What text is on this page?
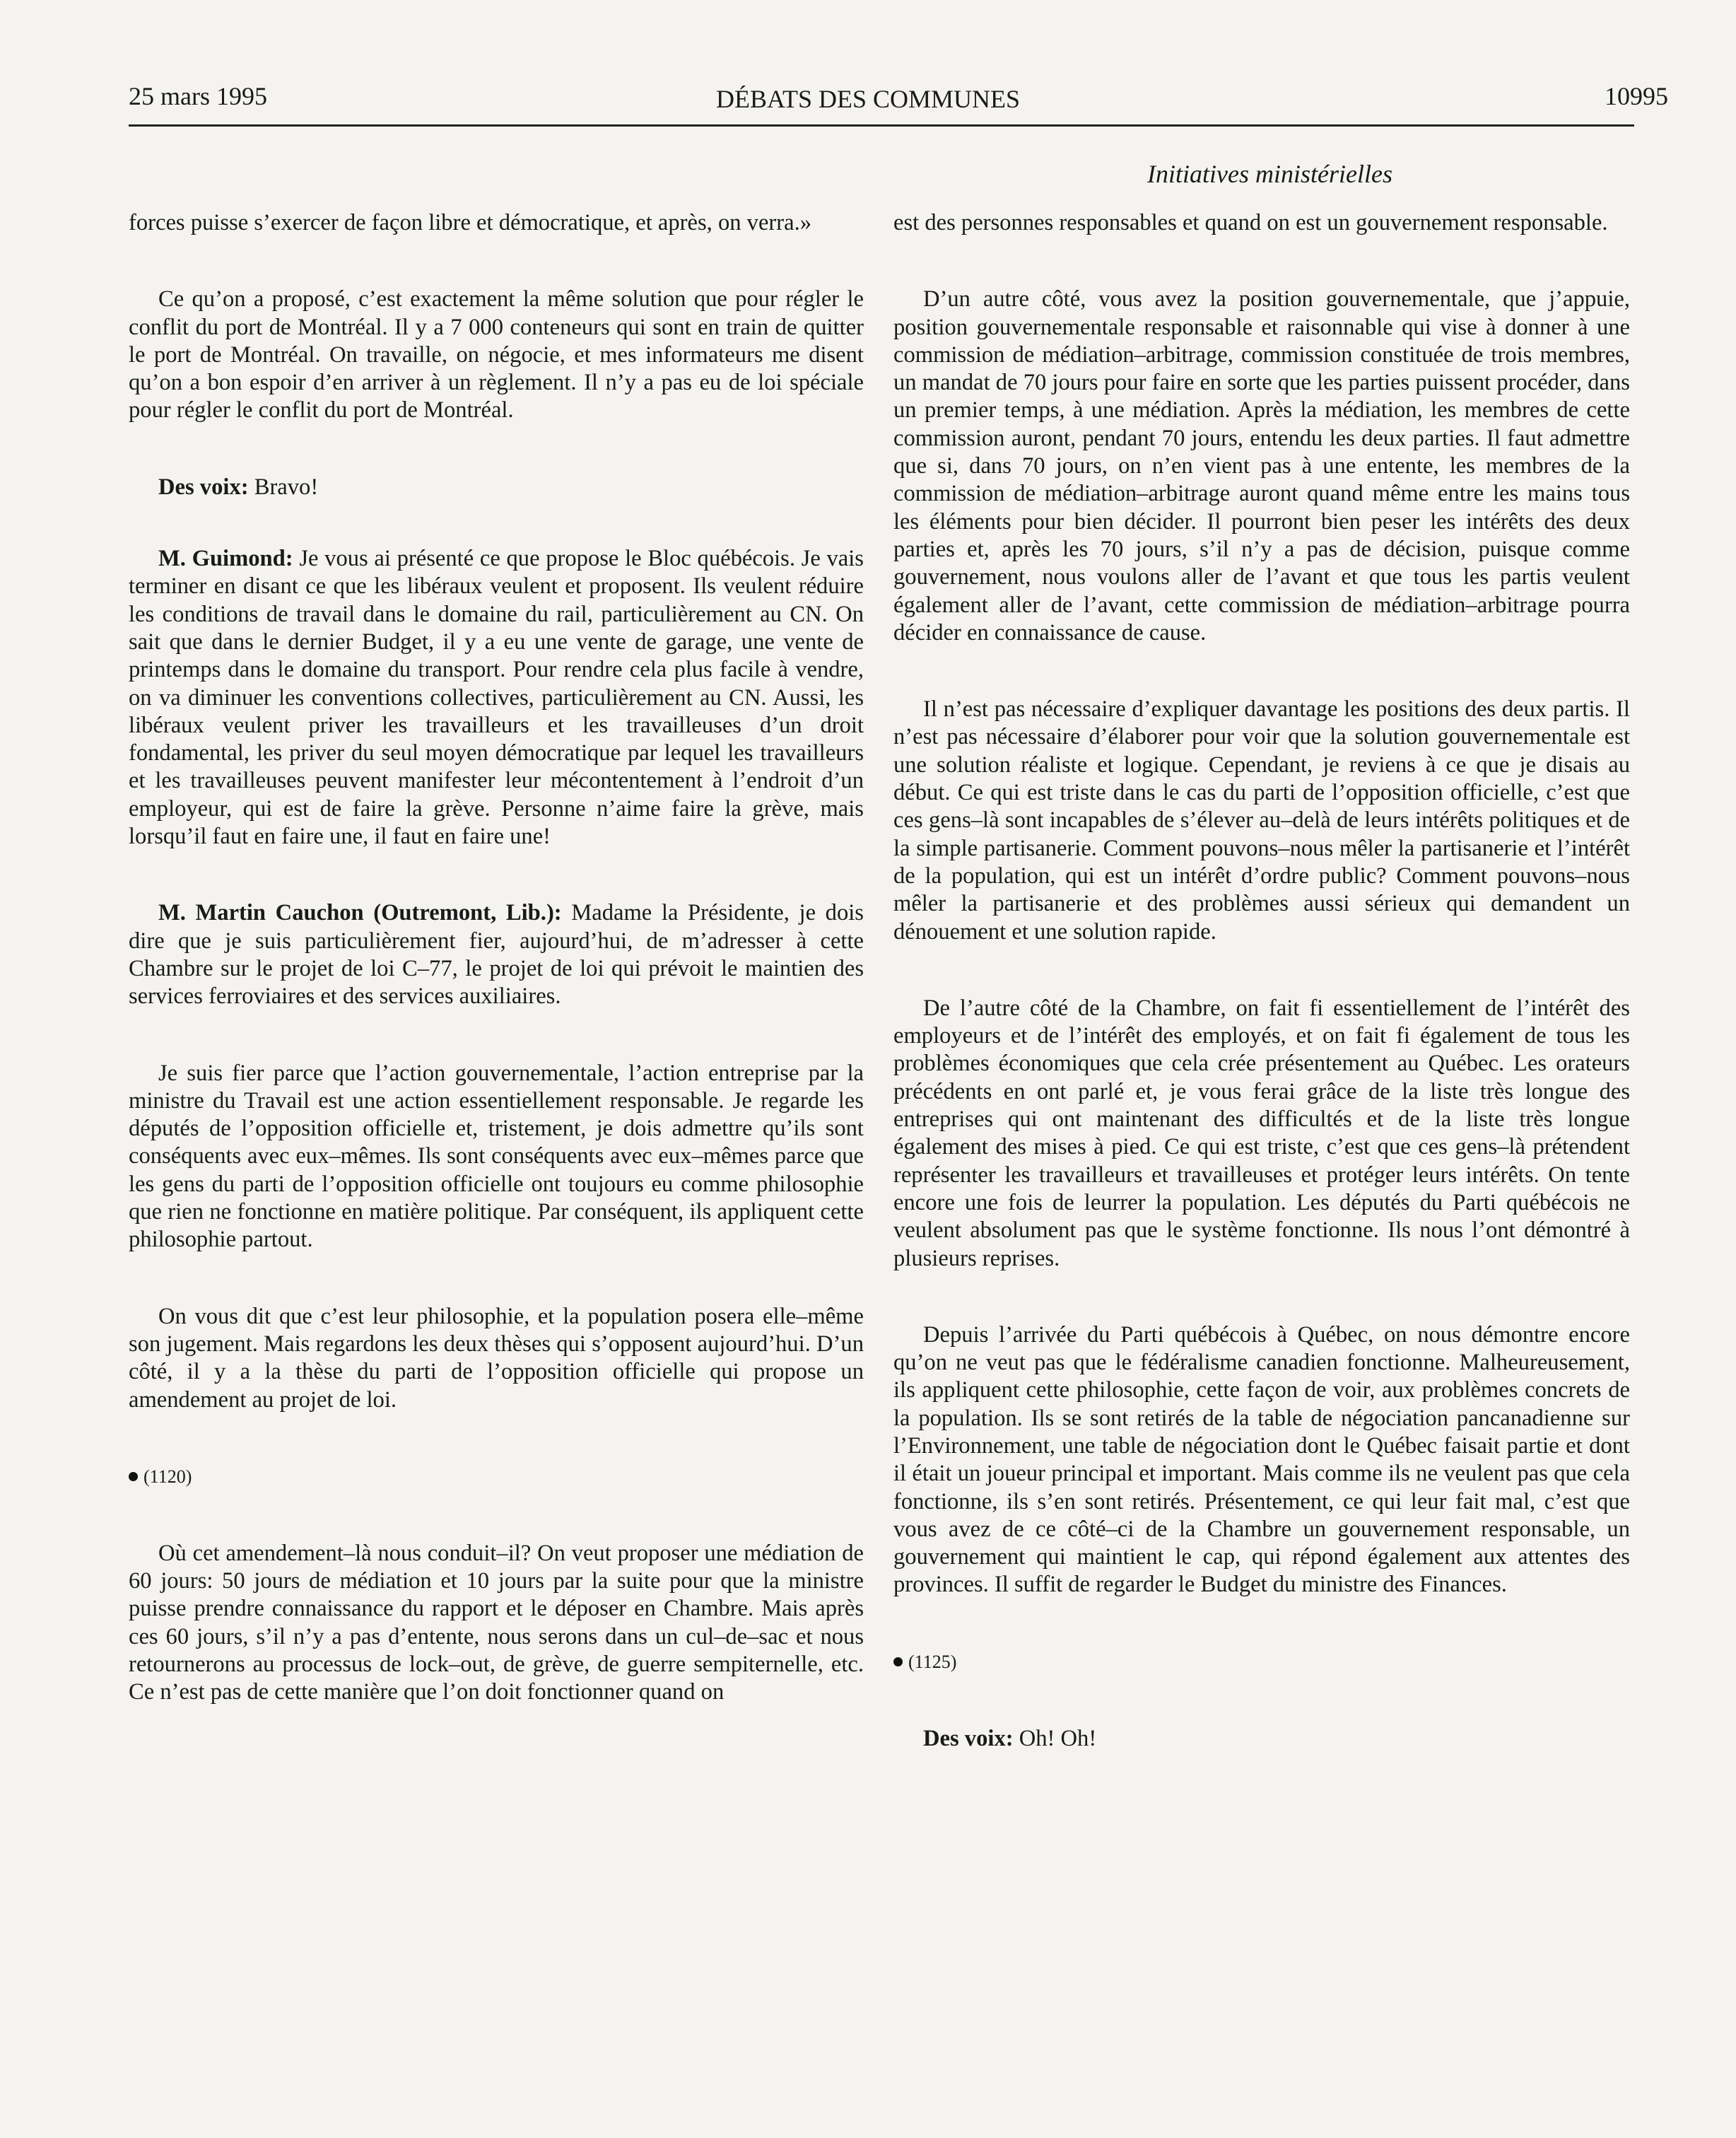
25 mars 1995	DÉBATS DES COMMUNES	10995
Initiatives ministérielles

forces puisse s’exercer de façon libre et démocratique, et après, on verra.»

Ce qu’on a proposé, c’est exactement la même solution que pour régler le conflit du port de Montréal. Il y a 7 000 conteneurs qui sont en train de quitter le port de Montréal. On travaille, on négocie, et mes informateurs me disent qu’on a bon espoir d’en arriver à un règlement. Il n’y a pas eu de loi spéciale pour régler le conflit du port de Montréal.

Des voix: Bravo!

M. Guimond: Je vous ai présenté ce que propose le Bloc québécois. Je vais terminer en disant ce que les libéraux veulent et proposent. Ils veulent réduire les conditions de travail dans le domaine du rail, particulièrement au CN. On sait que dans le dernier Budget, il y a eu une vente de garage, une vente de printemps dans le domaine du transport. Pour rendre cela plus facile à vendre, on va diminuer les conventions collectives, particulièrement au CN. Aussi, les libéraux veulent priver les travailleurs et les travailleuses d’un droit fondamental, les priver du seul moyen démocratique par lequel les travailleurs et les travailleuses peuvent manifester leur mécontentement à l’endroit d’un employeur, qui est de faire la grève. Personne n’aime faire la grève, mais lorsqu’il faut en faire une, il faut en faire une!

M. Martin Cauchon (Outremont, Lib.): Madame la Présidente, je dois dire que je suis particulièrement fier, aujourd’hui, de m’adresser à cette Chambre sur le projet de loi C–77, le projet de loi qui prévoit le maintien des services ferroviaires et des services auxiliaires.

Je suis fier parce que l’action gouvernementale, l’action entreprise par la ministre du Travail est une action essentiellement responsable. Je regarde les députés de l’opposition officielle et, tristement, je dois admettre qu’ils sont conséquents avec eux–mêmes. Ils sont conséquents avec eux–mêmes parce que les gens du parti de l’opposition officielle ont toujours eu comme philosophie que rien ne fonctionne en matière politique. Par conséquent, ils appliquent cette philosophie partout.

On vous dit que c’est leur philosophie, et la population posera elle–même son jugement. Mais regardons les deux thèses qui s’opposent aujourd’hui. D’un côté, il y a la thèse du parti de l’opposition officielle qui propose un amendement au projet de loi.

(1120)

Où cet amendement–là nous conduit–il? On veut proposer une médiation de 60 jours: 50 jours de médiation et 10 jours par la suite pour que la ministre puisse prendre connaissance du rapport et le déposer en Chambre. Mais après ces 60 jours, s’il n’y a pas d’entente, nous serons dans un cul–de–sac et nous retournerons au processus de lock–out, de grève, de guerre sempiternelle, etc. Ce n’est pas de cette manière que l’on doit fonctionner quand on

est des personnes responsables et quand on est un gouvernement responsable.

D’un autre côté, vous avez la position gouvernementale, que j’appuie, position gouvernementale responsable et raisonnable qui vise à donner à une commission de médiation–arbitrage, commission constituée de trois membres, un mandat de 70 jours pour faire en sorte que les parties puissent procéder, dans un premier temps, à une médiation. Après la médiation, les membres de cette commission auront, pendant 70 jours, entendu les deux parties. Il faut admettre que si, dans 70 jours, on n’en vient pas à une entente, les membres de la commission de médiation–arbitrage auront quand même entre les mains tous les éléments pour bien décider. Il pourront bien peser les intérêts des deux parties et, après les 70 jours, s’il n’y a pas de décision, puisque comme gouvernement, nous voulons aller de l’avant et que tous les partis veulent également aller de l’avant, cette commission de médiation–arbitrage pourra décider en connaissance de cause.

Il n’est pas nécessaire d’expliquer davantage les positions des deux partis. Il n’est pas nécessaire d’élaborer pour voir que la solution gouvernementale est une solution réaliste et logique. Cependant, je reviens à ce que je disais au début. Ce qui est triste dans le cas du parti de l’opposition officielle, c’est que ces gens–là sont incapables de s’élever au–delà de leurs intérêts politiques et de la simple partisanerie. Comment pouvons–nous mêler la partisanerie et l’intérêt de la population, qui est un intérêt d’ordre public? Comment pouvons–nous mêler la partisanerie et des problèmes aussi sérieux qui demandent un dénouement et une solution rapide.

De l’autre côté de la Chambre, on fait fi essentiellement de l’intérêt des employeurs et de l’intérêt des employés, et on fait fi également de tous les problèmes économiques que cela crée présentement au Québec. Les orateurs précédents en ont parlé et, je vous ferai grâce de la liste très longue des entreprises qui ont maintenant des difficultés et de la liste très longue également des mises à pied. Ce qui est triste, c’est que ces gens–là prétendent représenter les travailleurs et travailleuses et protéger leurs intérêts. On tente encore une fois de leurrer la population. Les députés du Parti québécois ne veulent absolument pas que le système fonctionne. Ils nous l’ont démontré à plusieurs reprises.

Depuis l’arrivée du Parti québécois à Québec, on nous démontre encore qu’on ne veut pas que le fédéralisme canadien fonctionne. Malheureusement, ils appliquent cette philosophie, cette façon de voir, aux problèmes concrets de la population. Ils se sont retirés de la table de négociation pancanadienne sur l’Environnement, une table de négociation dont le Québec faisait partie et dont il était un joueur principal et important. Mais comme ils ne veulent pas que cela fonctionne, ils s’en sont retirés. Présentement, ce qui leur fait mal, c’est que vous avez de ce côté–ci de la Chambre un gouvernement responsable, un gouvernement qui maintient le cap, qui répond également aux attentes des provinces. Il suffit de regarder le Budget du ministre des Finances.

(1125)

Des voix: Oh! Oh!
